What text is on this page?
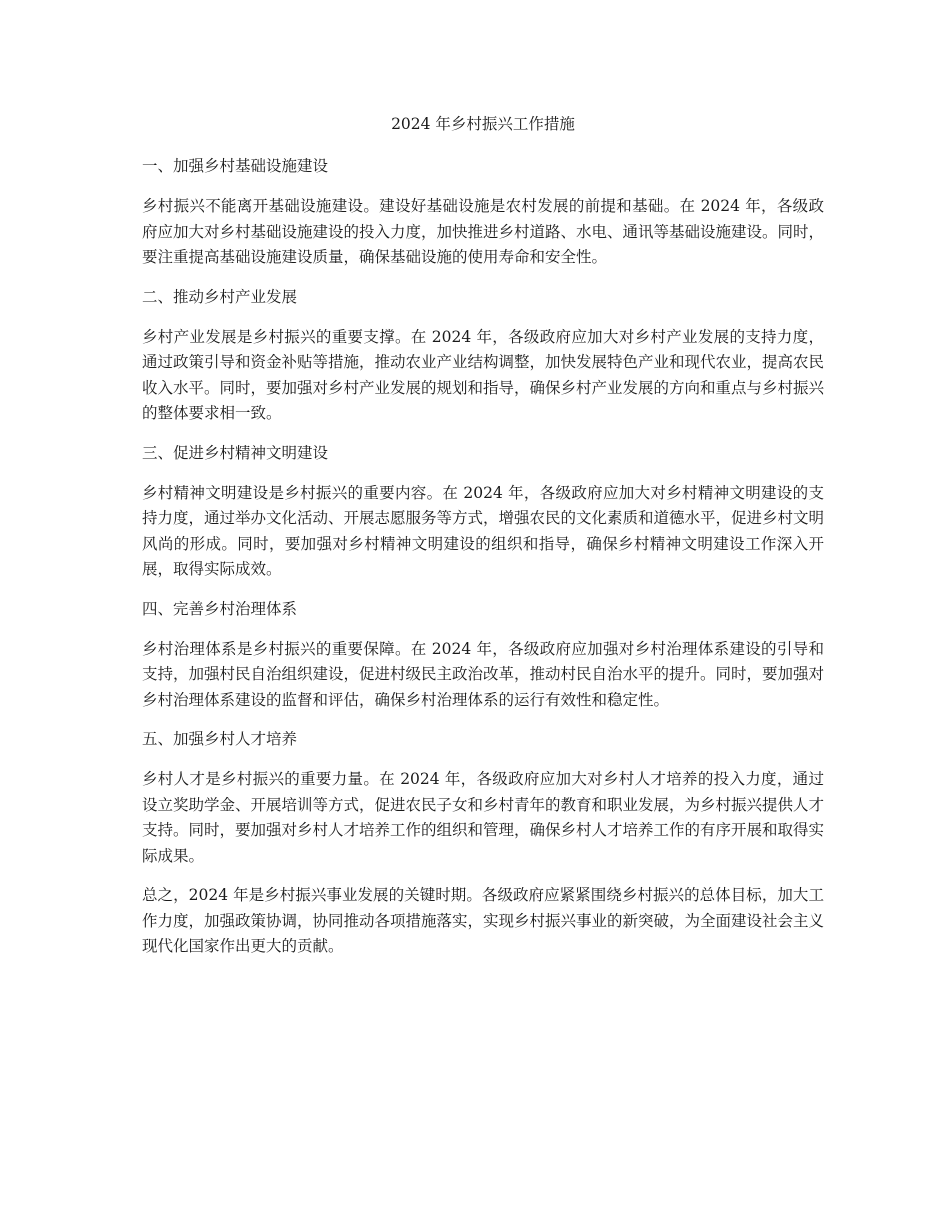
2024 年乡村振兴工作措施

一、加强乡村基础设施建设

乡村振兴不能离开基础设施建设。建设好基础设施是农村发展的前提和基础。在 2024 年，各级政府应加大对乡村基础设施建设的投入力度，加快推进乡村道路、水电、通讯等基础设施建设。同时，要注重提高基础设施建设质量，确保基础设施的使用寿命和安全性。

二、推动乡村产业发展

乡村产业发展是乡村振兴的重要支撑。在 2024 年，各级政府应加大对乡村产业发展的支持力度，通过政策引导和资金补贴等措施，推动农业产业结构调整，加快发展特色产业和现代农业，提高农民收入水平。同时，要加强对乡村产业发展的规划和指导，确保乡村产业发展的方向和重点与乡村振兴的整体要求相一致。

三、促进乡村精神文明建设

乡村精神文明建设是乡村振兴的重要内容。在 2024 年，各级政府应加大对乡村精神文明建设的支持力度，通过举办文化活动、开展志愿服务等方式，增强农民的文化素质和道德水平，促进乡村文明风尚的形成。同时，要加强对乡村精神文明建设的组织和指导，确保乡村精神文明建设工作深入开展，取得实际成效。

四、完善乡村治理体系

乡村治理体系是乡村振兴的重要保障。在 2024 年，各级政府应加强对乡村治理体系建设的引导和支持，加强村民自治组织建设，促进村级民主政治改革，推动村民自治水平的提升。同时，要加强对乡村治理体系建设的监督和评估，确保乡村治理体系的运行有效性和稳定性。

五、加强乡村人才培养

乡村人才是乡村振兴的重要力量。在 2024 年，各级政府应加大对乡村人才培养的投入力度，通过设立奖助学金、开展培训等方式，促进农民子女和乡村青年的教育和职业发展，为乡村振兴提供人才支持。同时，要加强对乡村人才培养工作的组织和管理，确保乡村人才培养工作的有序开展和取得实际成果。

总之，2024 年是乡村振兴事业发展的关键时期。各级政府应紧紧围绕乡村振兴的总体目标，加大工作力度，加强政策协调，协同推动各项措施落实，实现乡村振兴事业的新突破，为全面建设社会主义现代化国家作出更大的贡献。
